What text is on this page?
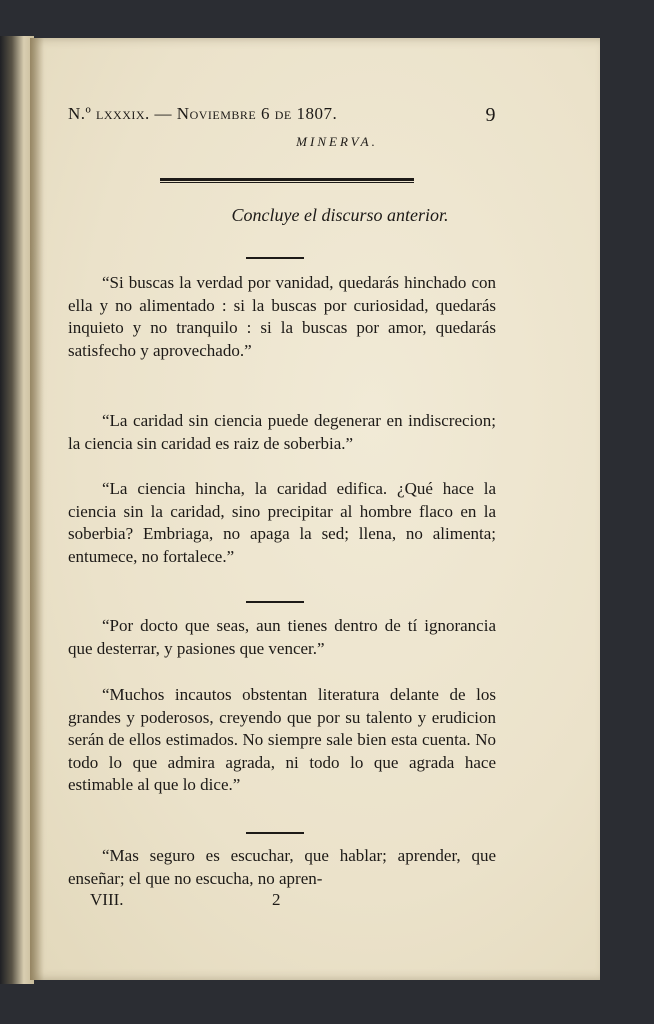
N.º lxxxix. — Noviembre 6 de 1807.	9
MINERVA.
Concluye el discurso anterior.

“Si buscas la verdad por vanidad, quedarás hinchado con ella y no alimentado : si la buscas por curiosidad, quedarás inquieto y no tranquilo : si la buscas por amor, quedarás satisfecho y aprovechado.”

“La caridad sin ciencia puede degenerar en indiscrecion; la ciencia sin caridad es raiz de soberbia.”

“La ciencia hincha, la caridad edifica. ¿Qué hace la ciencia sin la caridad, sino precipitar al hombre flaco en la soberbia? Embriaga, no apaga la sed; llena, no alimenta; entumece, no fortalece.”

“Por docto que seas, aun tienes dentro de tí ignorancia que desterrar, y pasiones que vencer.”

“Muchos incautos obstentan literatura delante de los grandes y poderosos, creyendo que por su talento y erudicion serán de ellos estimados. No siempre sale bien esta cuenta. No todo lo que admira agrada, ni todo lo que agrada hace estimable al que lo dice.”

“Mas seguro es escuchar, que hablar; aprender, que enseñar; el que no escucha, no apren-

VIII.	2
